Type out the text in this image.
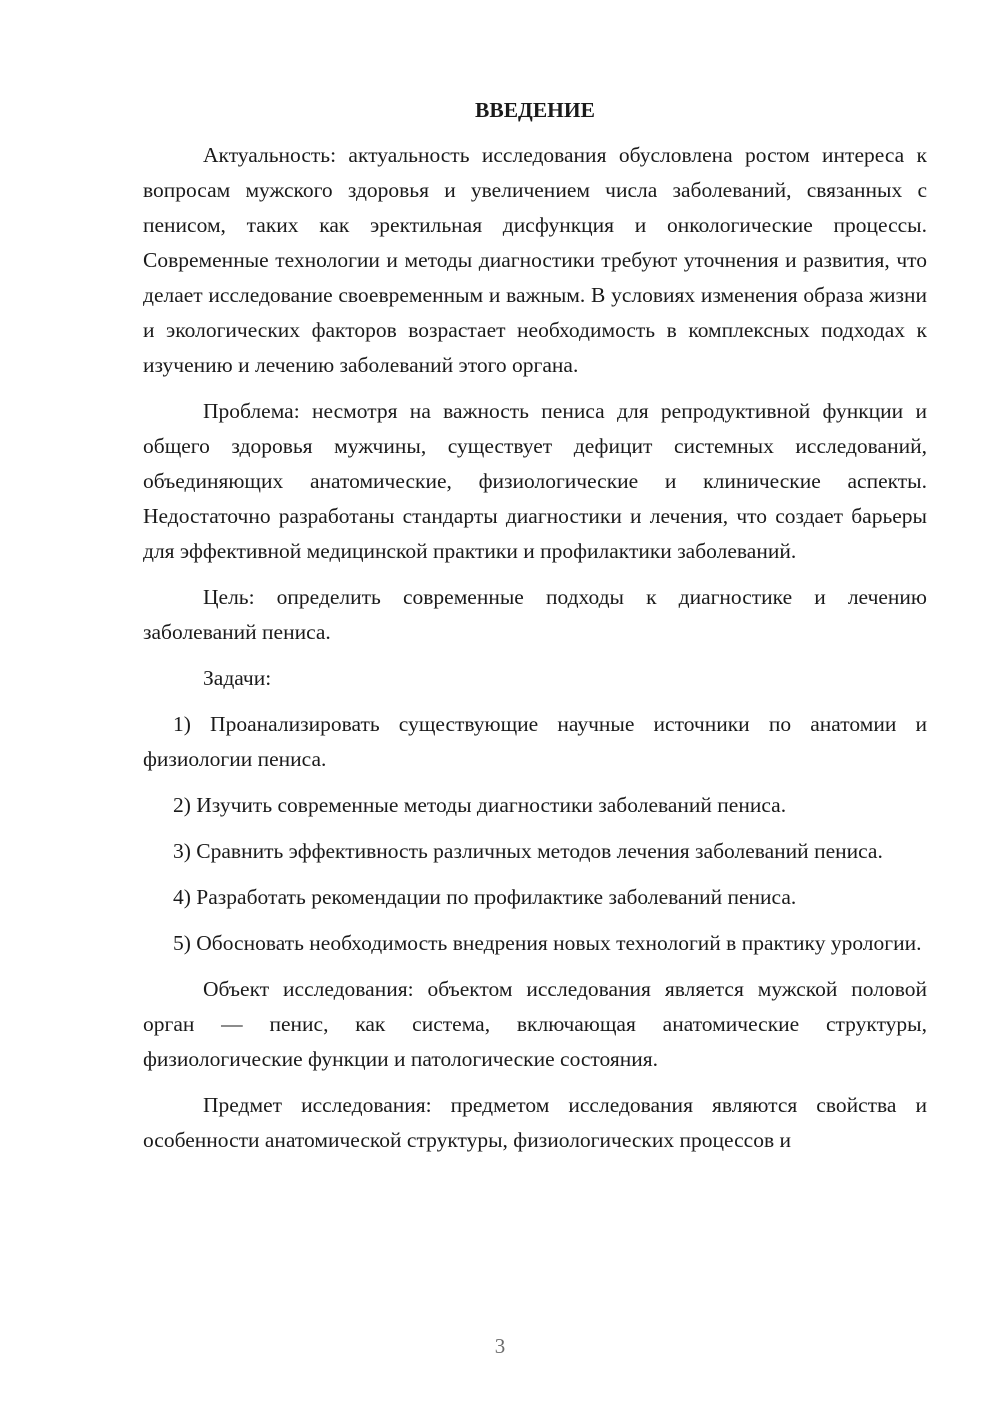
ВВЕДЕНИЕ

Актуальность: актуальность исследования обусловлена ростом интереса к вопросам мужского здоровья и увеличением числа заболеваний, связанных с пенисом, таких как эректильная дисфункция и онкологические процессы. Современные технологии и методы диагностики требуют уточнения и развития, что делает исследование своевременным и важным. В условиях изменения образа жизни и экологических факторов возрастает необходимость в комплексных подходах к изучению и лечению заболеваний этого органа.

Проблема: несмотря на важность пениса для репродуктивной функции и общего здоровья мужчины, существует дефицит системных исследований, объединяющих анатомические, физиологические и клинические аспекты. Недостаточно разработаны стандарты диагностики и лечения, что создает барьеры для эффективной медицинской практики и профилактики заболеваний.

Цель: определить современные подходы к диагностике и лечению заболеваний пениса.

Задачи:

1) Проанализировать существующие научные источники по анатомии и физиологии пениса.

2) Изучить современные методы диагностики заболеваний пениса.

3) Сравнить эффективность различных методов лечения заболеваний пениса.

4) Разработать рекомендации по профилактике заболеваний пениса.

5) Обосновать необходимость внедрения новых технологий в практику урологии.

Объект исследования: объектом исследования является мужской половой орган — пенис, как система, включающая анатомические структуры, физиологические функции и патологические состояния.

Предмет исследования: предметом исследования являются свойства и особенности анатомической структуры, физиологических процессов и

3
